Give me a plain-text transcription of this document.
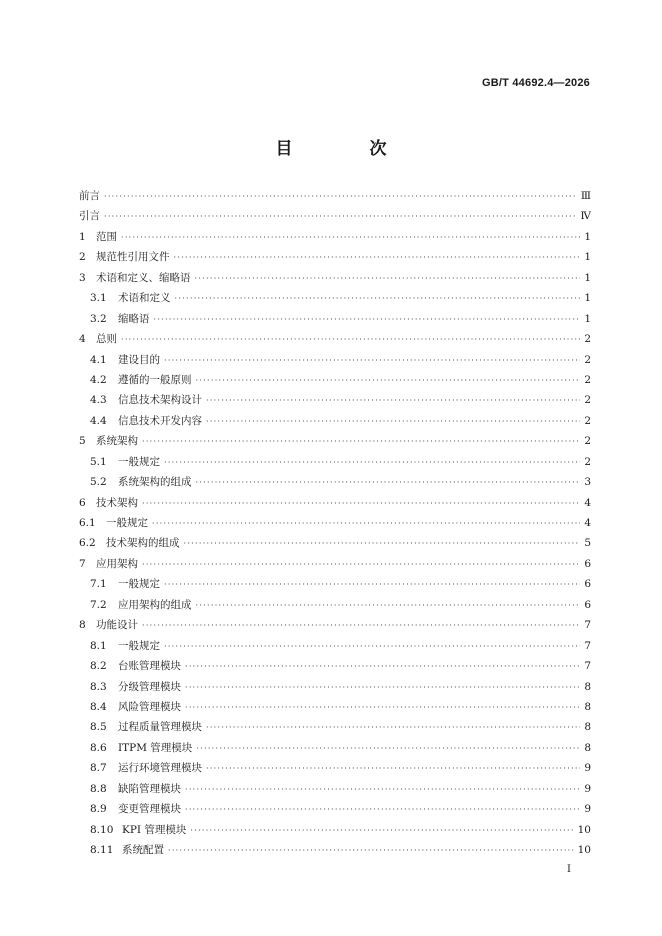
GB/T 44692.4—2026
目　次
前言 ·····	Ⅲ
引言 ·····	Ⅳ
1 范围 ·····	1
2 规范性引用文件 ·····	1
3 术语和定义、缩略语 ·····	1
3.1	术语和定义 ·····	1
3.2	缩略语 ·····	1
4 总则 ·····	2
4.1	建设目的 ·····	2
4.2	遵循的一般原则 ·····	2
4.3	信息技术架构设计 ·····	2
4.4	信息技术开发内容 ·····	2
5 系统架构 ·····	2
5.1	一般规定 ·····	2
5.2	系统架构的组成 ·····	3
6 技术架构 ·····	4
6.1 一般规定 ·····	4
6.2 技术架构的组成 ·····	5
7 应用架构 ·····	6
7.1	一般规定 ·····	6
7.2	应用架构的组成 ·····	6
8 功能设计 ·····	7
8.1	一般规定 ·····	7
8.2	台账管理模块 ·····	7
8.3	分级管理模块 ·····	8
8.4	风险管理模块 ·····	8
8.5	过程质量管理模块 ·····	8
8.6	ITPM 管理模块 ·····	8
8.7	运行环境管理模块 ·····	9
8.8	缺陷管理模块 ·····	9
8.9	变更管理模块 ·····	9
8.10 KPI 管理模块 ·····	10
8.11 系统配置 ·····	10
Ⅰ
